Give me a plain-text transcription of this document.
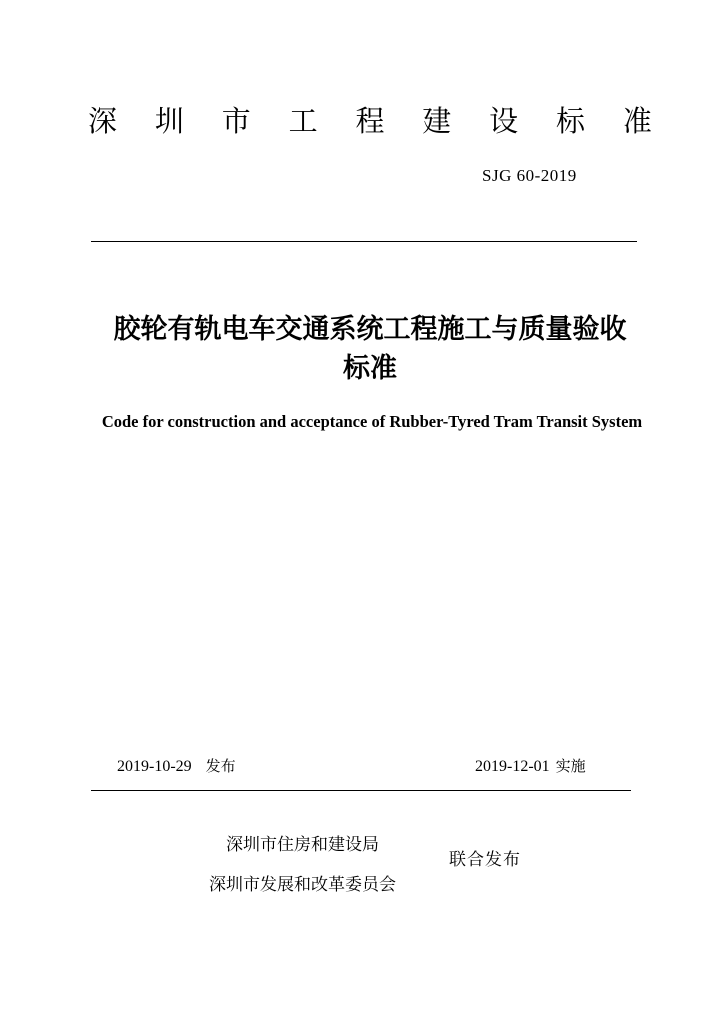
深 圳 市 工 程 建 设 标 准
SJG 60-2019
胶轮有轨电车交通系统工程施工与质量验收
标准
Code for construction and acceptance of Rubber-Tyred Tram Transit System
2019-10-29 发布	2019-12-01 实施
深圳市住房和建设局
深圳市发展和改革委员会
联合发布
